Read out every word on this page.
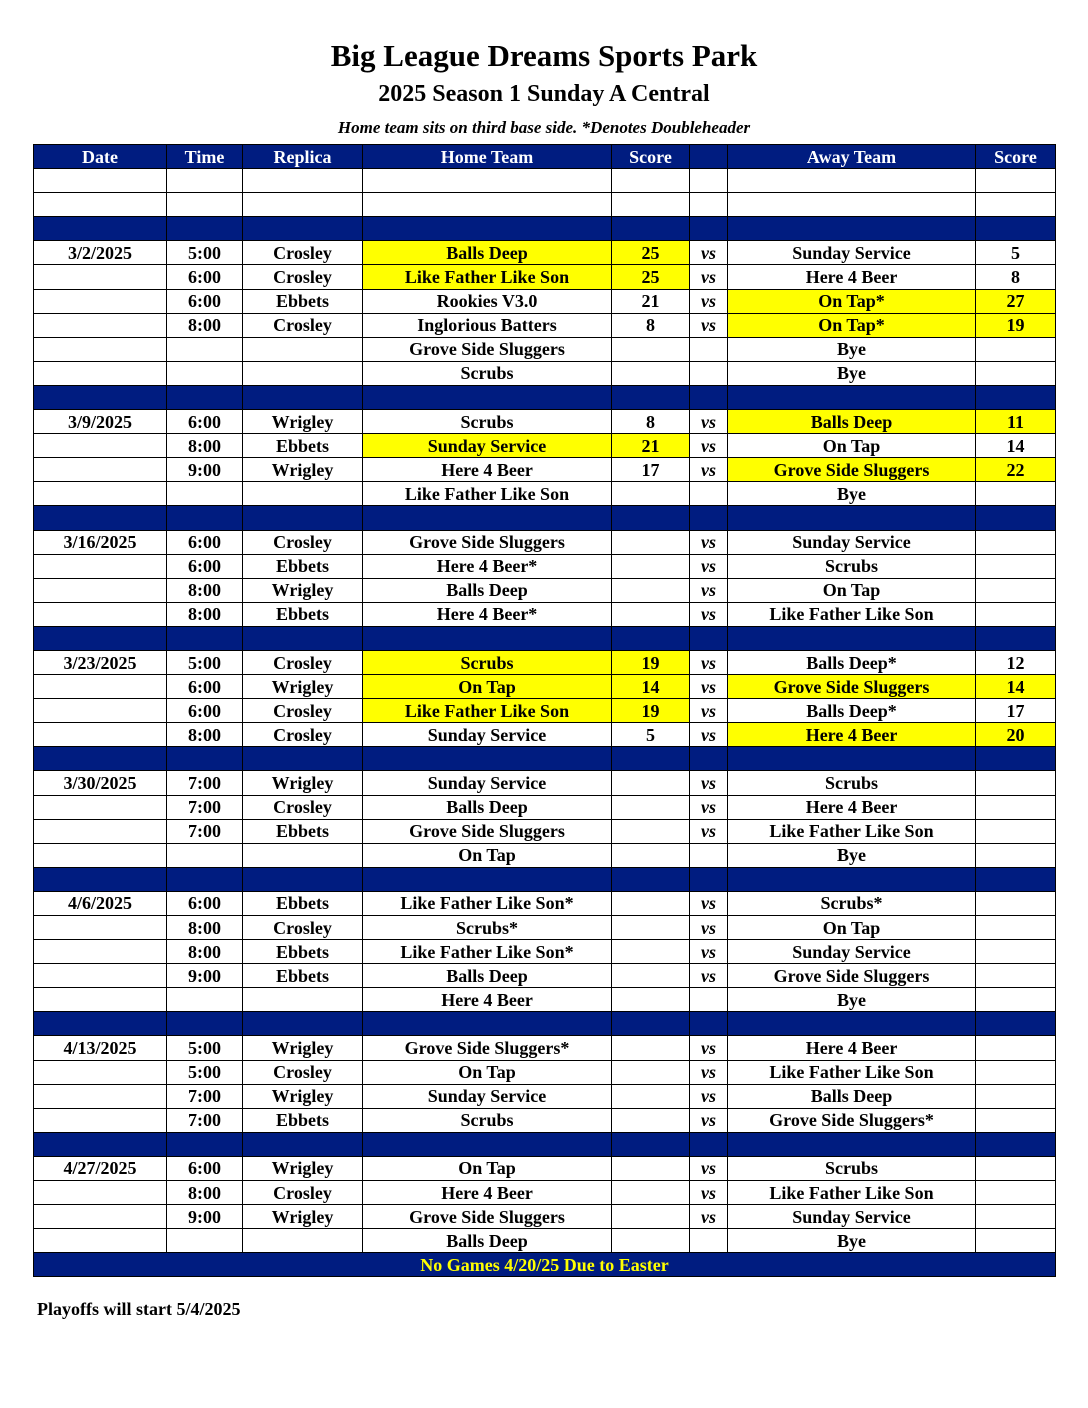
Big League Dreams Sports Park
2025 Season 1 Sunday A Central
Home team sits on third base side. *Denotes Doubleheader
Date	Time	Replica	Home Team	Score		Away Team	Score

3/2/2025	5:00	Crosley	Balls Deep	25	vs	Sunday Service	5
	6:00	Crosley	Like Father Like Son	25	vs	Here 4 Beer	8
	6:00	Ebbets	Rookies V3.0	21	vs	On Tap*	27
	8:00	Crosley	Inglorious Batters	8	vs	On Tap*	19
			Grove Side Sluggers			Bye	
			Scrubs			Bye	

3/9/2025	6:00	Wrigley	Scrubs	8	vs	Balls Deep	11
	8:00	Ebbets	Sunday Service	21	vs	On Tap	14
	9:00	Wrigley	Here 4 Beer	17	vs	Grove Side Sluggers	22
			Like Father Like Son			Bye	

3/16/2025	6:00	Crosley	Grove Side Sluggers		vs	Sunday Service	
	6:00	Ebbets	Here 4 Beer*		vs	Scrubs	
	8:00	Wrigley	Balls Deep		vs	On Tap	
	8:00	Ebbets	Here 4 Beer*		vs	Like Father Like Son	

3/23/2025	5:00	Crosley	Scrubs	19	vs	Balls Deep*	12
	6:00	Wrigley	On Tap	14	vs	Grove Side Sluggers	14
	6:00	Crosley	Like Father Like Son	19	vs	Balls Deep*	17
	8:00	Crosley	Sunday Service	5	vs	Here 4 Beer	20

3/30/2025	7:00	Wrigley	Sunday Service		vs	Scrubs	
	7:00	Crosley	Balls Deep		vs	Here 4 Beer	
	7:00	Ebbets	Grove Side Sluggers		vs	Like Father Like Son	
			On Tap			Bye	

4/6/2025	6:00	Ebbets	Like Father Like Son*		vs	Scrubs*	
	8:00	Crosley	Scrubs*		vs	On Tap	
	8:00	Ebbets	Like Father Like Son*		vs	Sunday Service	
	9:00	Ebbets	Balls Deep		vs	Grove Side Sluggers	
			Here 4 Beer			Bye	

4/13/2025	5:00	Wrigley	Grove Side Sluggers*		vs	Here 4 Beer	
	5:00	Crosley	On Tap		vs	Like Father Like Son	
	7:00	Wrigley	Sunday Service		vs	Balls Deep	
	7:00	Ebbets	Scrubs		vs	Grove Side Sluggers*	

4/27/2025	6:00	Wrigley	On Tap		vs	Scrubs	
	8:00	Crosley	Here 4 Beer		vs	Like Father Like Son	
	9:00	Wrigley	Grove Side Sluggers		vs	Sunday Service	
			Balls Deep			Bye	
No Games 4/20/25 Due to Easter							
Playoffs will start 5/4/2025
